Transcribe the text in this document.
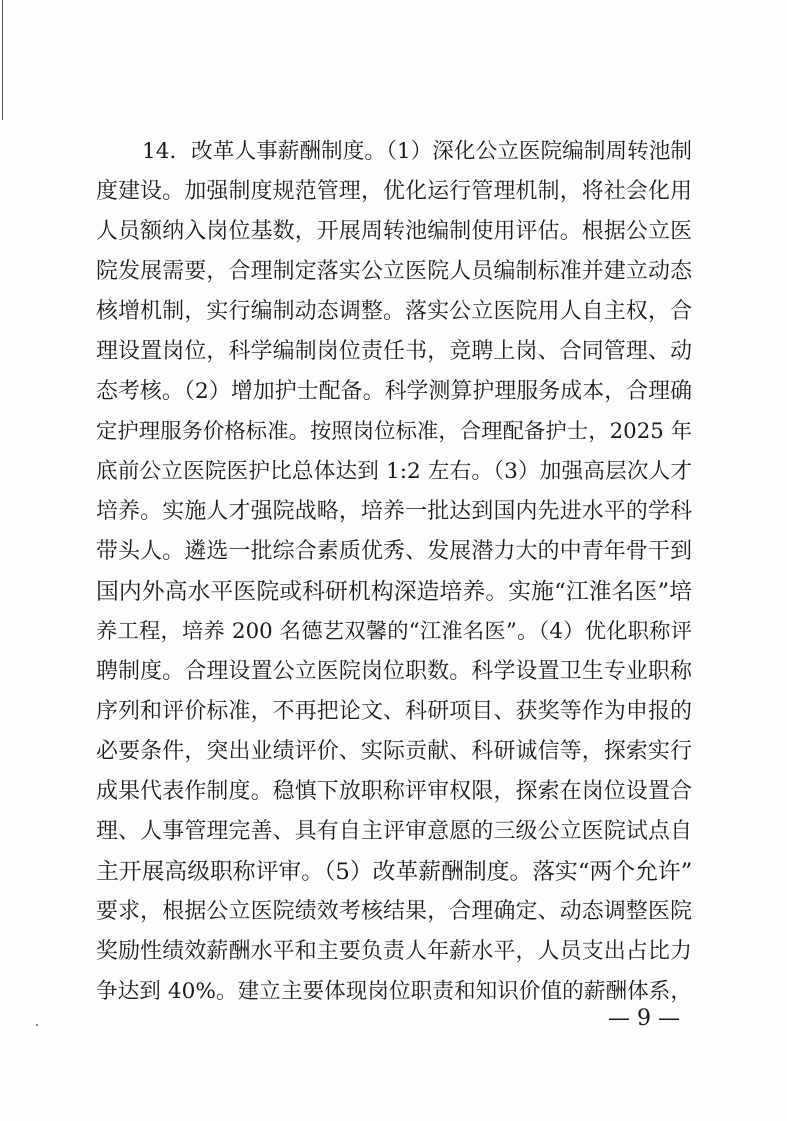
14．改革人事薪酬制度。（1）深化公立医院编制周转池制
度建设。加强制度规范管理，优化运行管理机制，将社会化用
人员额纳入岗位基数，开展周转池编制使用评估。根据公立医
院发展需要，合理制定落实公立医院人员编制标准并建立动态
核增机制，实行编制动态调整。落实公立医院用人自主权，合
理设置岗位，科学编制岗位责任书，竞聘上岗、合同管理、动
态考核。（2）增加护士配备。科学测算护理服务成本，合理确
定护理服务价格标准。按照岗位标准，合理配备护士，2025 年
底前公立医院医护比总体达到 1:2 左右。（3）加强高层次人才
培养。实施人才强院战略，培养一批达到国内先进水平的学科
带头人。遴选一批综合素质优秀、发展潜力大的中青年骨干到
国内外高水平医院或科研机构深造培养。实施“江淮名医”培
养工程，培养 200 名德艺双馨的“江淮名医”。（4）优化职称评
聘制度。合理设置公立医院岗位职数。科学设置卫生专业职称
序列和评价标准，不再把论文、科研项目、获奖等作为申报的
必要条件，突出业绩评价、实际贡献、科研诚信等，探索实行
成果代表作制度。稳慎下放职称评审权限，探索在岗位设置合
理、人事管理完善、具有自主评审意愿的三级公立医院试点自
主开展高级职称评审。（5）改革薪酬制度。落实“两个允许”
要求，根据公立医院绩效考核结果，合理确定、动态调整医院
奖励性绩效薪酬水平和主要负责人年薪水平，人员支出占比力
争达到 40%。建立主要体现岗位职责和知识价值的薪酬体系，
— 9 —
